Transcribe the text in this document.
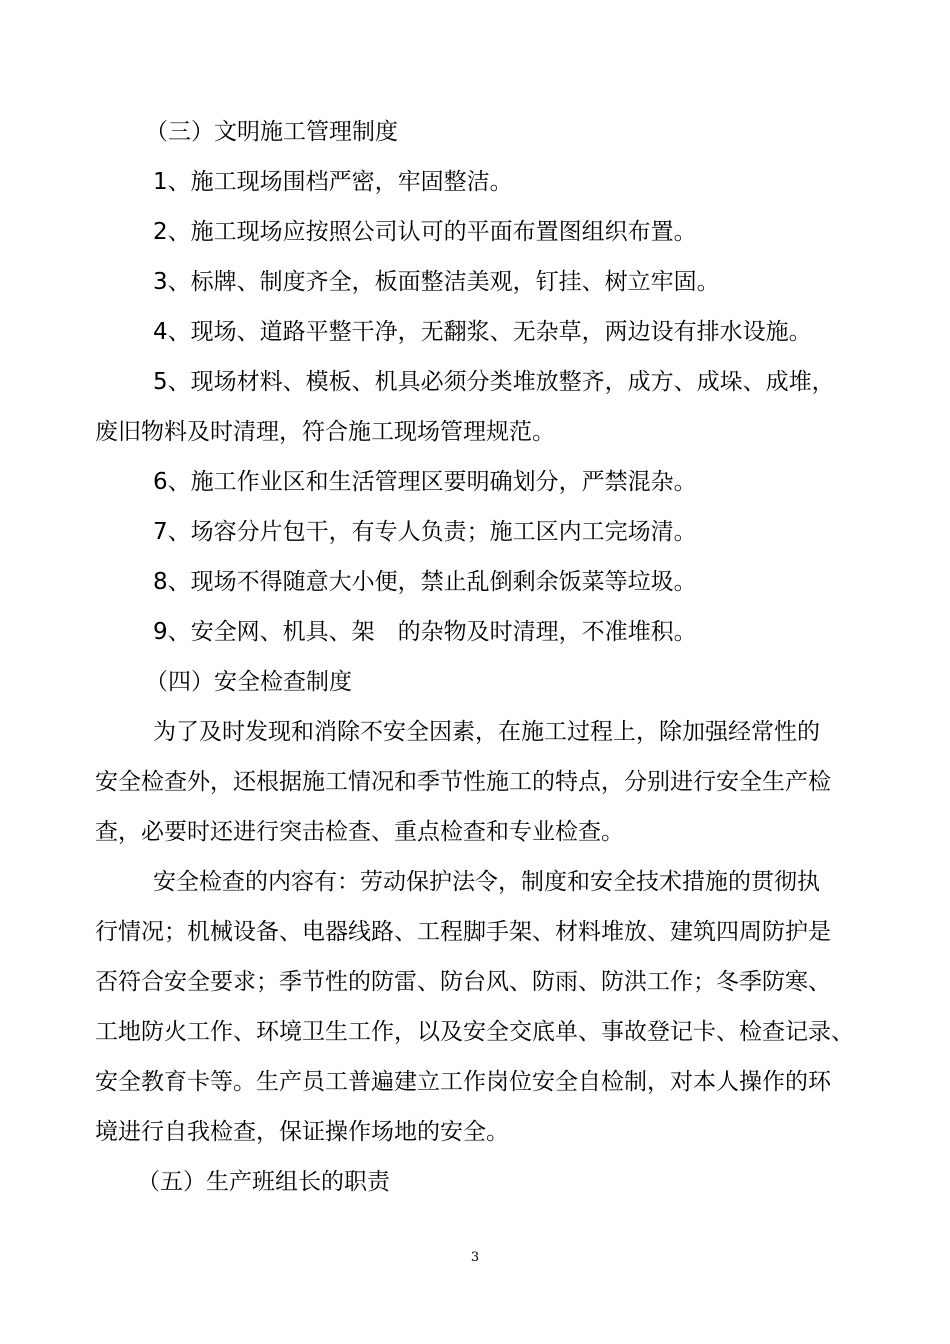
（三）文明施工管理制度
1、施工现场围档严密，牢固整洁。
2、施工现场应按照公司认可的平面布置图组织布置。
3、标牌、制度齐全，板面整洁美观，钉挂、树立牢固。
4、现场、道路平整干净，无翻浆、无杂草，两边设有排水设施。
5、现场材料、模板、机具必须分类堆放整齐，成方、成垛、成堆，
废旧物料及时清理，符合施工现场管理规范。
6、施工作业区和生活管理区要明确划分，严禁混杂。
7、场容分片包干，有专人负责；施工区内工完场清。
8、现场不得随意大小便，禁止乱倒剩余饭菜等垃圾。
9、安全网、机具、架　的杂物及时清理，不准堆积。
（四）安全检查制度
为了及时发现和消除不安全因素，在施工过程上，除加强经常性的
安全检查外，还根据施工情况和季节性施工的特点，分别进行安全生产检
查，必要时还进行突击检查、重点检查和专业检查。
安全检查的内容有：劳动保护法令，制度和安全技术措施的贯彻执
行情况；机械设备、电器线路、工程脚手架、材料堆放、建筑四周防护是
否符合安全要求；季节性的防雷、防台风、防雨、防洪工作；冬季防寒、
工地防火工作、环境卫生工作，以及安全交底单、事故登记卡、检查记录、
安全教育卡等。生产员工普遍建立工作岗位安全自检制，对本人操作的环
境进行自我检查，保证操作场地的安全。
（五）生产班组长的职责
3
